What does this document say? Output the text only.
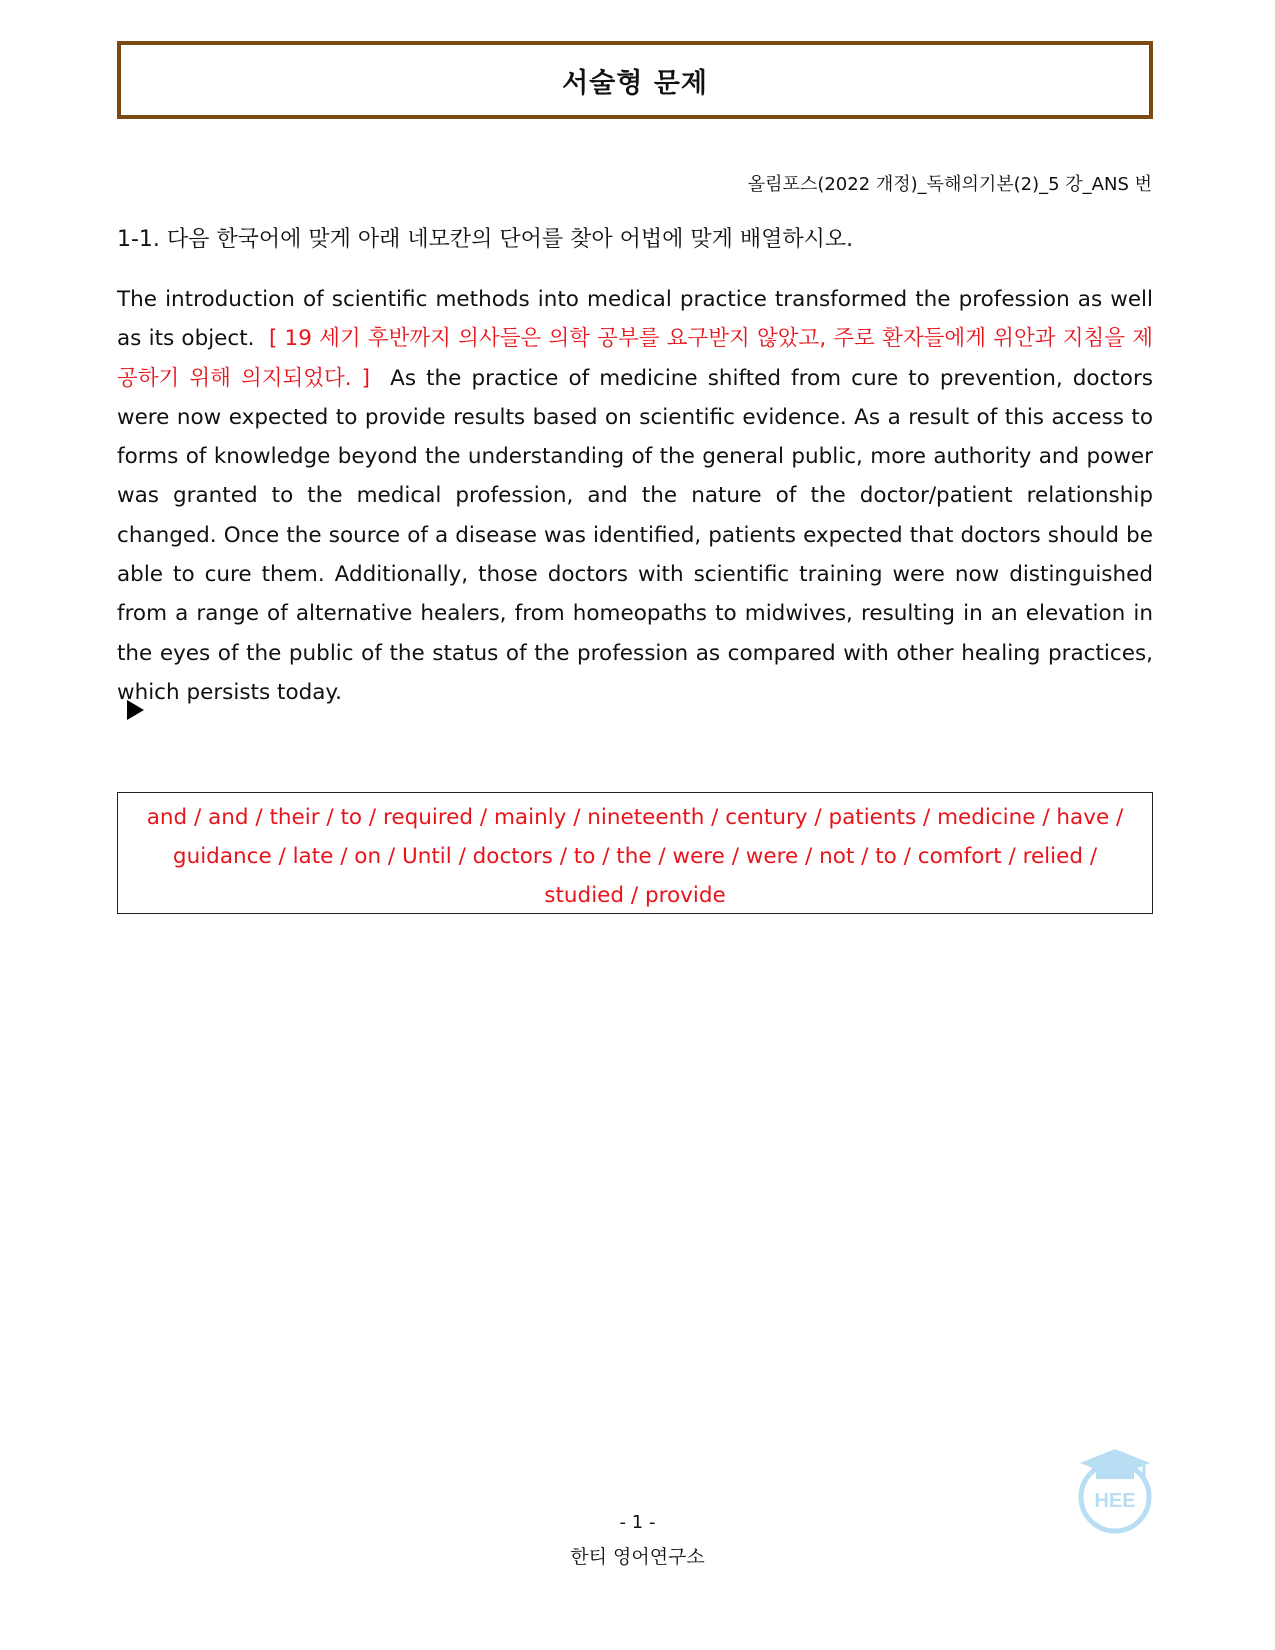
서술형 문제
올림포스(2022 개정)_독해의기본(2)_5 강_ANS 번
1-1. 다음 한국어에 맞게 아래 네모칸의 단어를 찾아 어법에 맞게 배열하시오.
The introduction of scientific methods into medical practice transformed the profession as well as its object. [ 19 세기 후반까지 의사들은 의학 공부를 요구받지 않았고, 주로 환자들에게 위안과 지침을 제공하기 위해 의지되었다. ] As the practice of medicine shifted from cure to prevention, doctors were now expected to provide results based on scientific evidence. As a result of this access to forms of knowledge beyond the understanding of the general public, more authority and power was granted to the medical profession, and the nature of the doctor/patient relationship changed. Once the source of a disease was identified, patients expected that doctors should be able to cure them. Additionally, those doctors with scientific training were now distinguished from a range of alternative healers, from homeopaths to midwives, resulting in an elevation in the eyes of the public of the status of the profession as compared with other healing practices, which persists today.
and / and / their / to / required / mainly / nineteenth / century / patients / medicine / have / guidance / late / on / Until / doctors / to / the / were / were / not / to / comfort / relied / studied / provide
- 1 -
한티 영어연구소
HEE
